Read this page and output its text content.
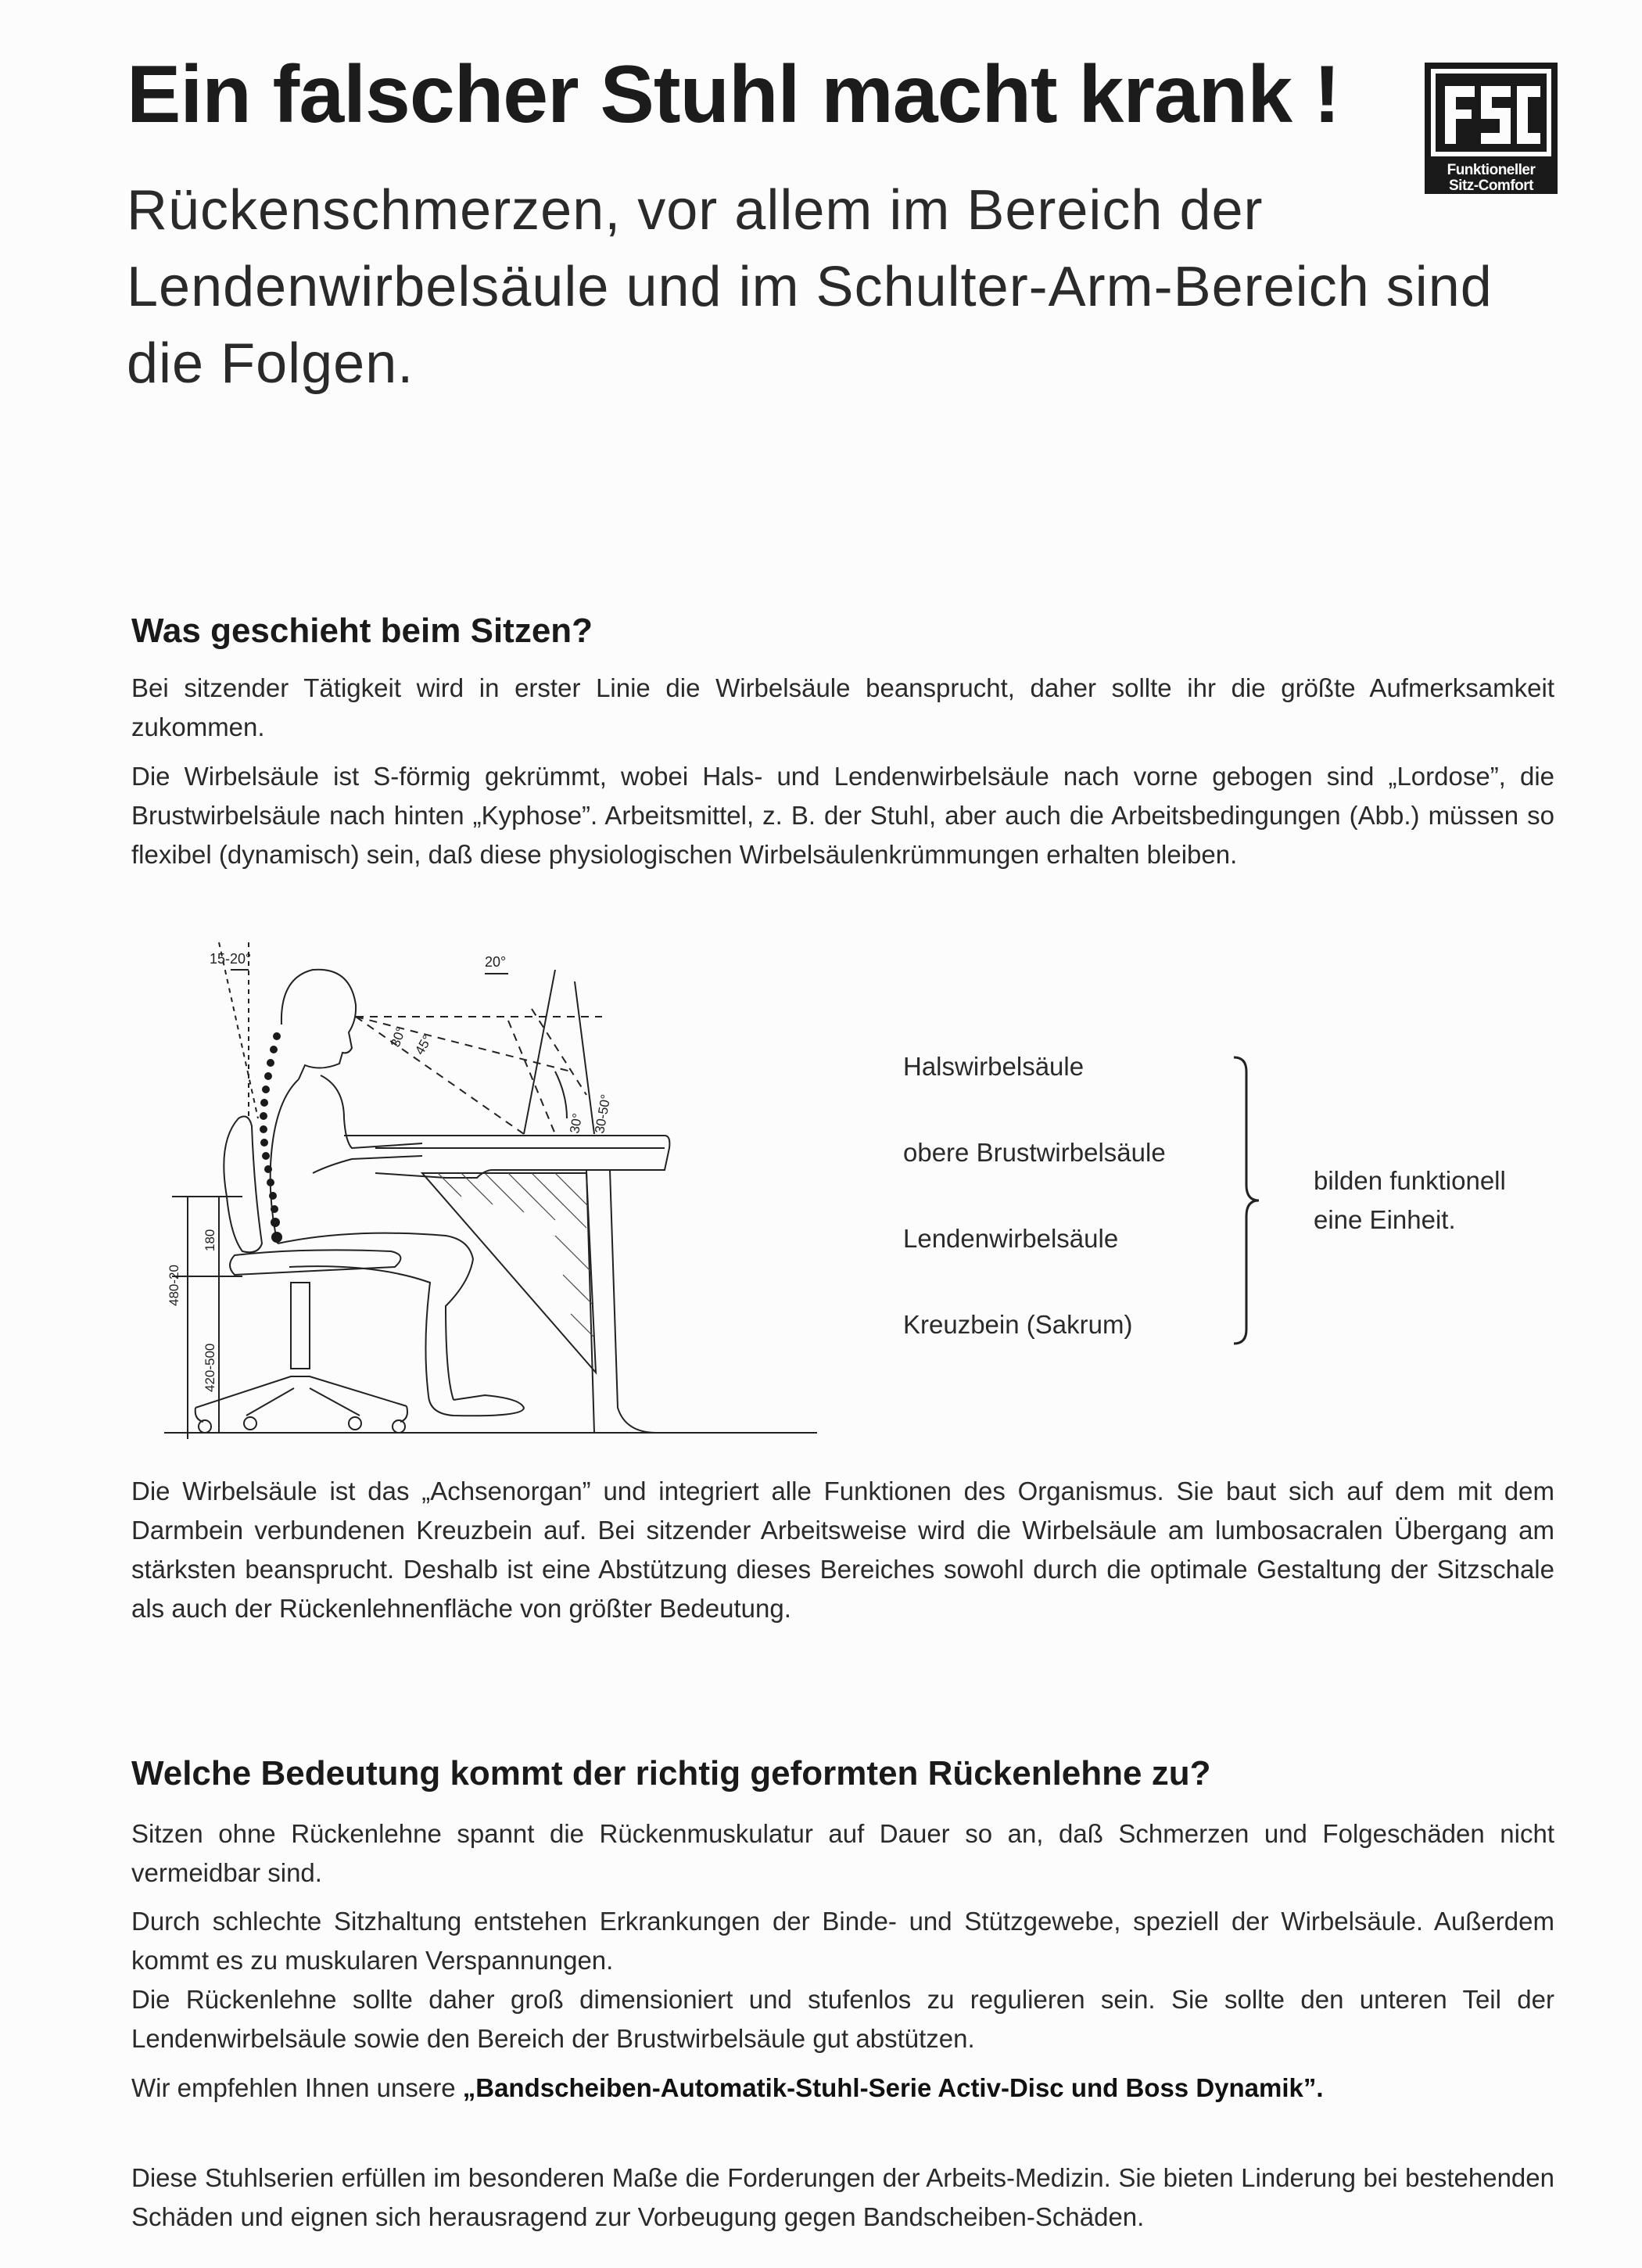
Ein falscher Stuhl macht krank !
Rückenschmerzen, vor allem im Bereich der Lendenwirbelsäule und im Schulter-Arm-Bereich sind die Folgen.
Funktioneller
Sitz-Comfort
Was geschieht beim Sitzen?

Bei sitzender Tätigkeit wird in erster Linie die Wirbelsäule beansprucht, daher sollte ihr die größte Aufmerksamkeit zukommen.

Die Wirbelsäule ist S-förmig gekrümmt, wobei Hals- und Lendenwirbelsäule nach vorne gebogen sind „Lordose”, die Brustwirbelsäule nach hinten „Kyphose”. Arbeitsmittel, z. B. der Stuhl, aber auch die Arbeitsbedingungen (Abb.) müssen so flexibel (dynamisch) sein, daß diese physiologischen Wirbelsäulenkrümmungen erhalten bleiben.

15-20°	20°
30° 45°
30-50°
30°
480-20
180
420-500
Halswirbelsäule
obere Brustwirbelsäule
Lendenwirbelsäule
Kreuzbein (Sakrum)
bilden funktionell
eine Einheit.

Die Wirbelsäule ist das „Achsenorgan” und integriert alle Funktionen des Organismus. Sie baut sich auf dem mit dem Darmbein verbundenen Kreuzbein auf. Bei sitzender Arbeitsweise wird die Wirbelsäule am lumbosacralen Übergang am stärksten beansprucht. Deshalb ist eine Abstützung dieses Bereiches sowohl durch die optimale Gestaltung der Sitzschale als auch der Rückenlehnenfläche von größter Bedeutung.

Welche Bedeutung kommt der richtig geformten Rückenlehne zu?

Sitzen ohne Rückenlehne spannt die Rückenmuskulatur auf Dauer so an, daß Schmerzen und Folgeschäden nicht vermeidbar sind.

Durch schlechte Sitzhaltung entstehen Erkrankungen der Binde- und Stützgewebe, speziell der Wirbelsäule. Außerdem kommt es zu muskularen Verspannungen.

Die Rückenlehne sollte daher groß dimensioniert und stufenlos zu regulieren sein. Sie sollte den unteren Teil der Lendenwirbelsäule sowie den Bereich der Brustwirbelsäule gut abstützen.

Wir empfehlen Ihnen unsere „Bandscheiben-Automatik-Stuhl-Serie Activ-Disc und Boss Dynamik”.

Diese Stuhlserien erfüllen im besonderen Maße die Forderungen der Arbeits-Medizin. Sie bieten Linderung bei bestehenden Schäden und eignen sich herausragend zur Vorbeugung gegen Bandscheiben-Schäden.
